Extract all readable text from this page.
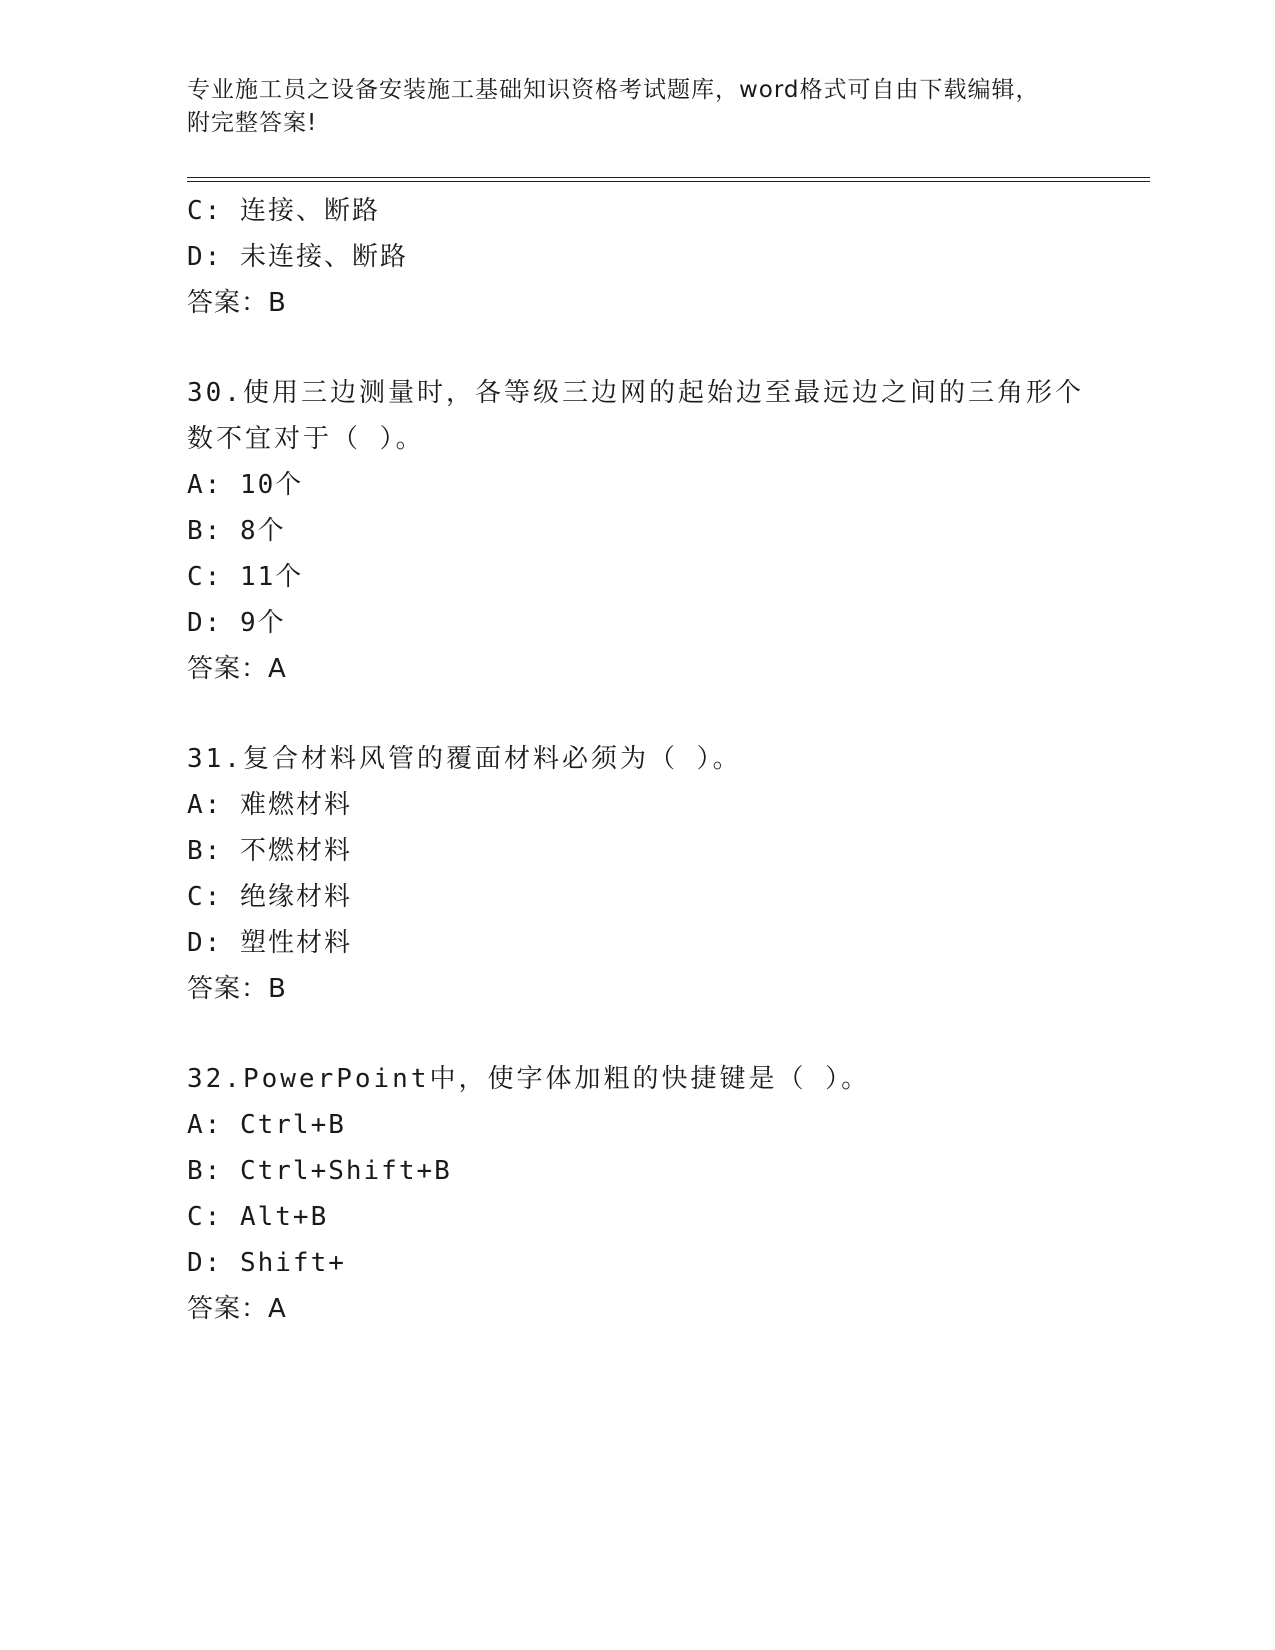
专业施工员之设备安装施工基础知识资格考试题库，word格式可自由下载编辑，
附完整答案!
C: 连接、断路
D: 未连接、断路
答案：B
30.使用三边测量时，各等级三边网的起始边至最远边之间的三角形个
数不宜对于（ ）。
A: 10个
B: 8个
C: 11个
D: 9个
答案：A
31.复合材料风管的覆面材料必须为（ ）。
A: 难燃材料
B: 不燃材料
C: 绝缘材料
D: 塑性材料
答案：B
32.PowerPoint中，使字体加粗的快捷键是（ ）。
A: Ctrl+B
B: Ctrl+Shift+B
C: Alt+B
D: Shift+
答案：A
